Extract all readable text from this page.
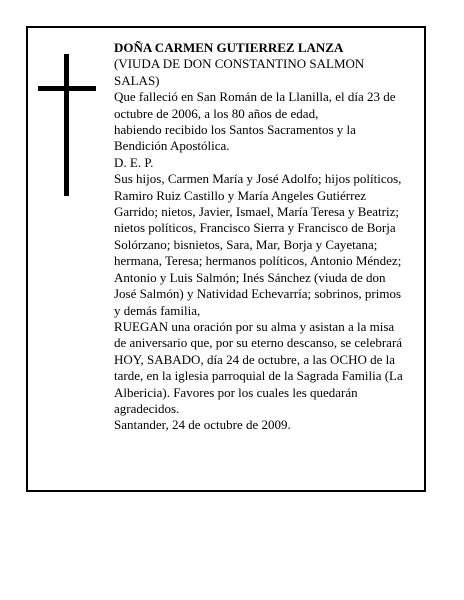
DOÑA CARMEN GUTIERREZ LANZA
(VIUDA DE DON CONSTANTINO SALMON
SALAS)
Que falleció en San Román de la Llanilla, el día 23 de
octubre de 2006, a los 80 años de edad,
habiendo recibido los Santos Sacramentos y la
Bendición Apostólica.
D. E. P.
Sus hijos, Carmen María y José Adolfo; hijos políticos,
Ramiro Ruiz Castillo y María Angeles Gutiérrez
Garrido; nietos, Javier, Ismael, María Teresa y Beatriz;
nietos políticos, Francisco Sierra y Francisco de Borja
Solórzano; bisnietos, Sara, Mar, Borja y Cayetana;
hermana, Teresa; hermanos políticos, Antonio Méndez;
Antonio y Luis Salmón; Inés Sánchez (viuda de don
José Salmón) y Natividad Echevarría; sobrinos, primos
y demás familia,
RUEGAN una oración por su alma y asistan a la misa
de aniversario que, por su eterno descanso, se celebrará
HOY, SABADO, día 24 de octubre, a las OCHO de la
tarde, en la iglesia parroquial de la Sagrada Familia (La
Albericia). Favores por los cuales les quedarán
agradecidos.
Santander, 24 de octubre de 2009.
